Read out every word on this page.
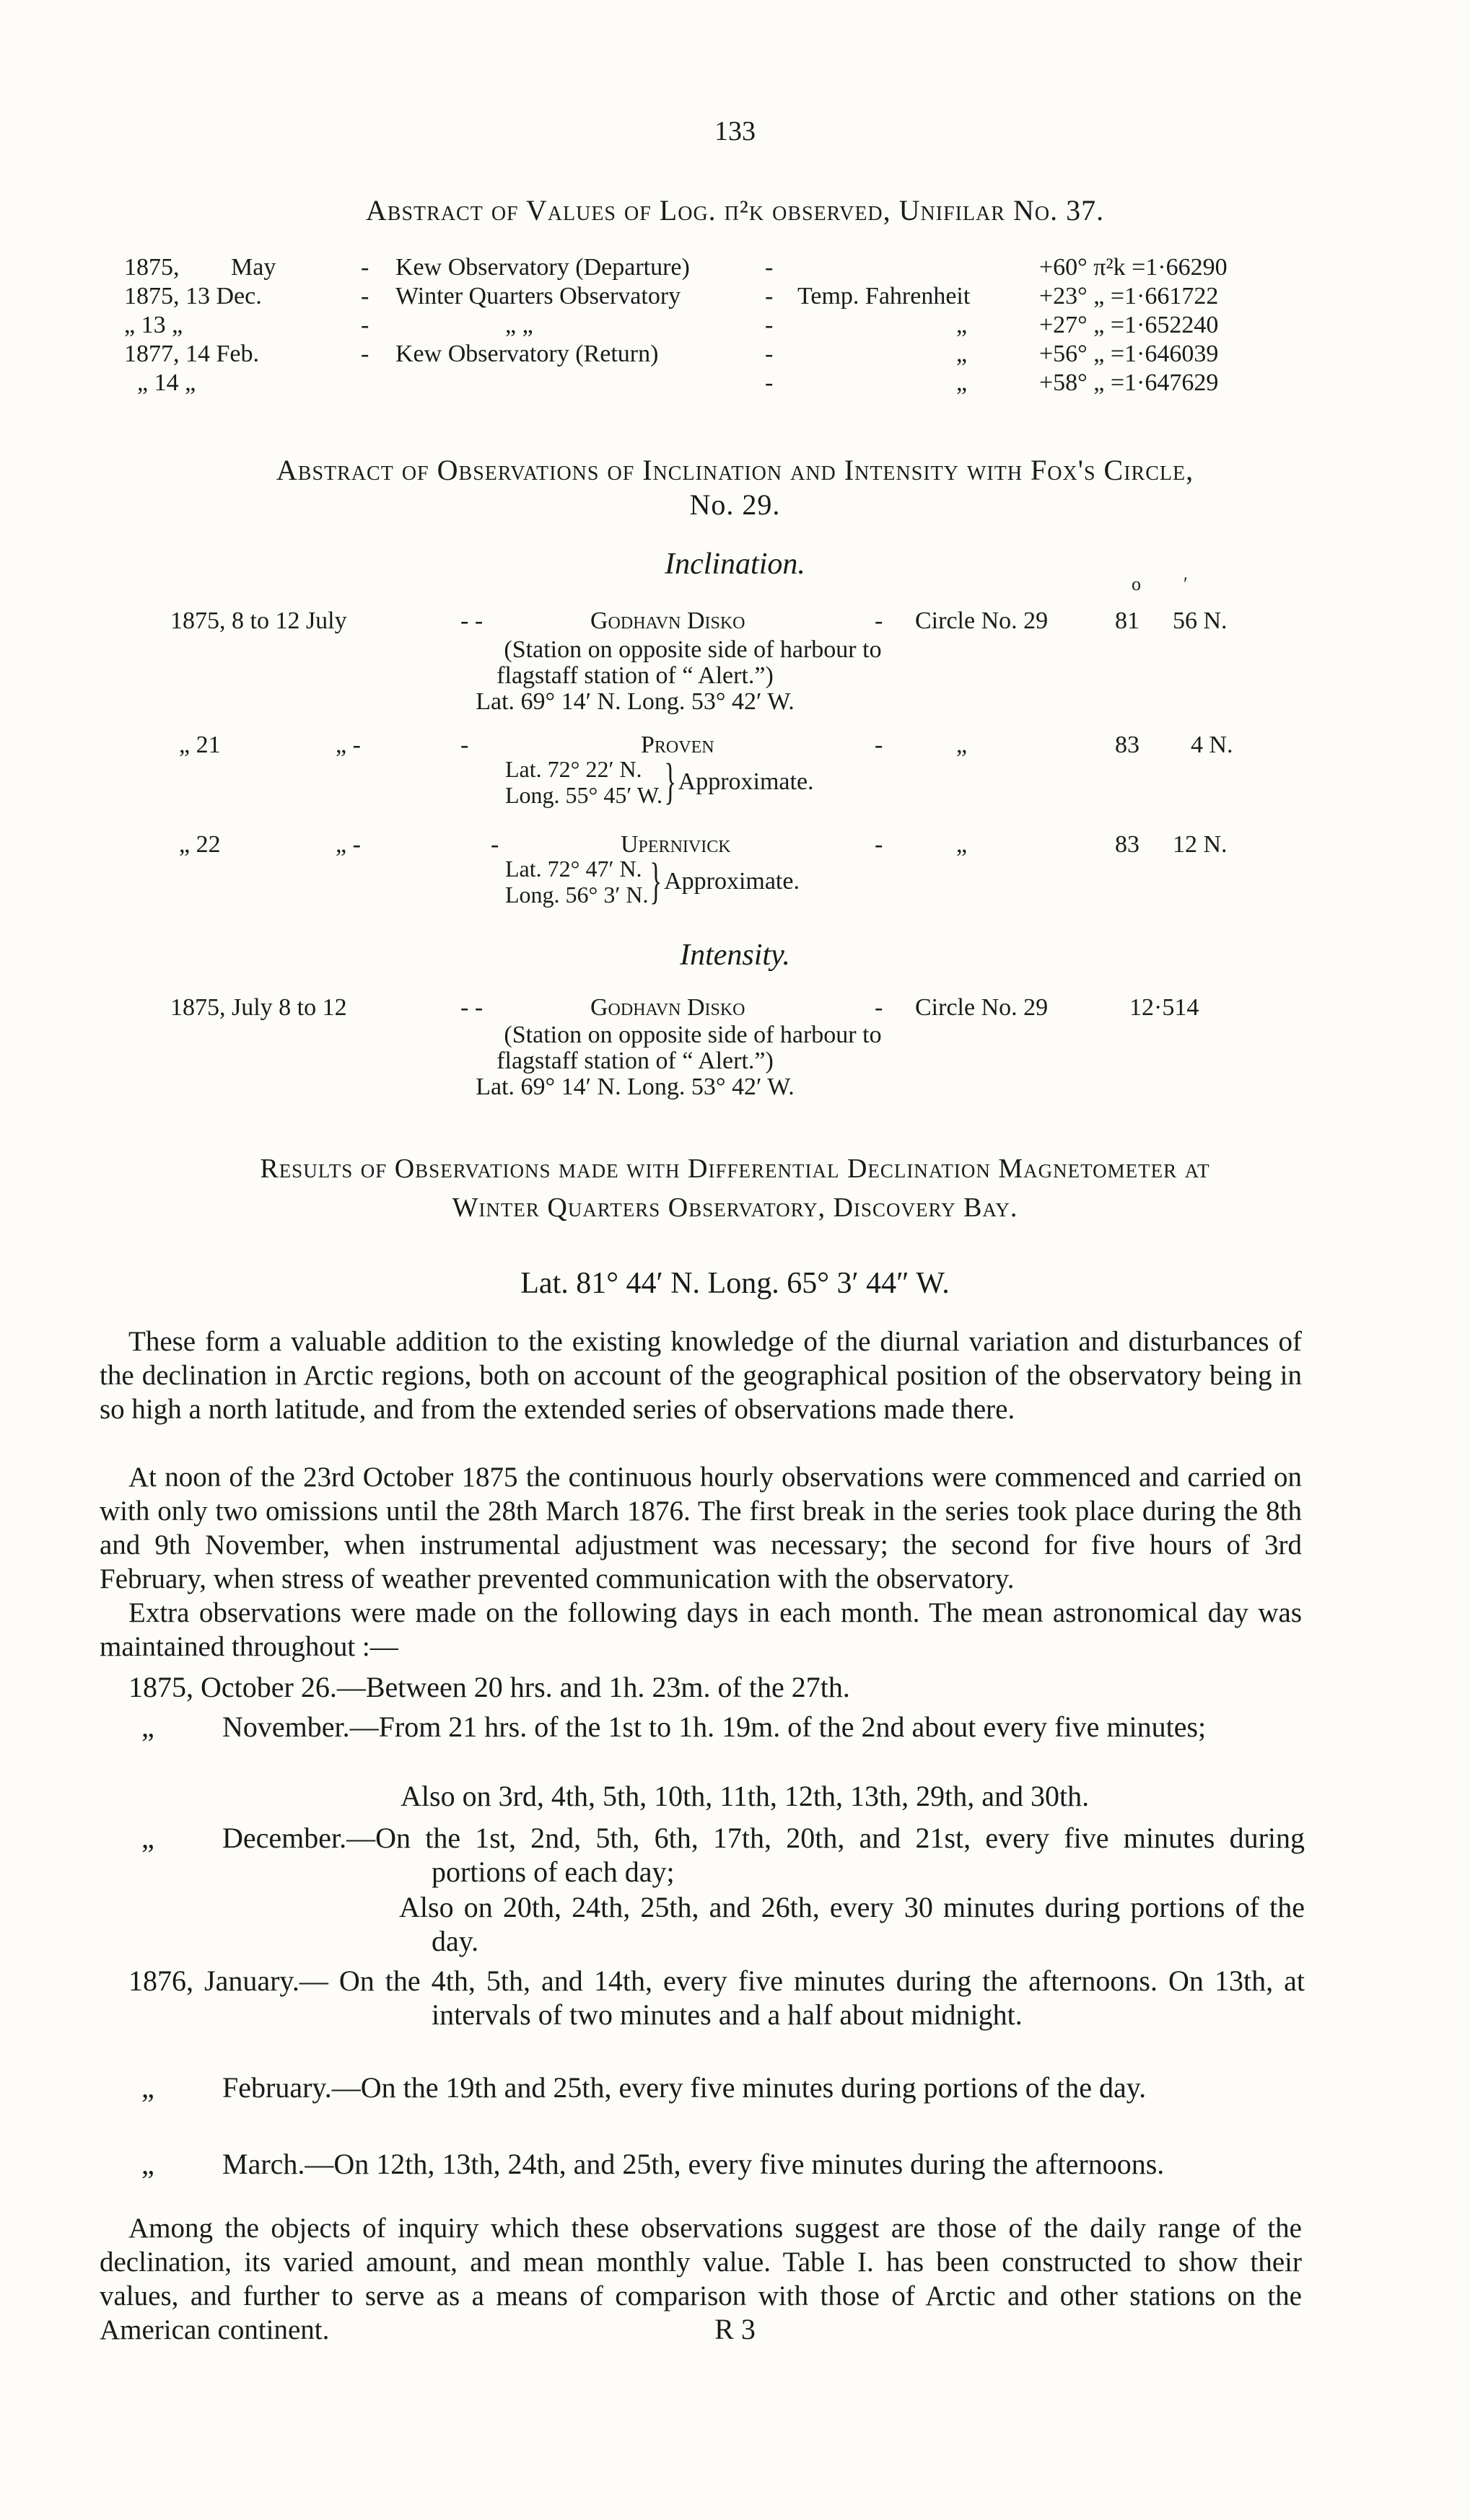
133
Abstract of Values of Log. π²k observed, Unifilar No. 37.
1875, May	- Kew Observatory (Departure)	-	+60° π²k =1·66290
1875, 13 Dec.	- Winter Quarters Observatory	- Temp. Fahrenheit	+23° „ =1·661722
„ 13 „	-	„ „	-	„	+27° „ =1·652240
1877, 14 Feb.	- Kew Observatory (Return)	-	„	+56° „ =1·646039
„ 14 „	-	„	+58° „ =1·647629
Abstract of Observations of Inclination and Intensity with Fox's Circle,
No. 29.
Inclination.
o ′
1875, 8 to 12 July	- -	Godhavn Disko	- Circle No. 29	81 56 N.
(Station on opposite side of harbour to
flagstaff station of “ Alert.”)
Lat. 69° 14′ N. Long. 53° 42′ W.
„ 21	„ -	-	Proven	-	„	83 4 N.
Lat. 72° 22′ N.
Long. 55° 45′ W. }Approximate.
„ 22	„ -	-	Upernivick	-	„	83 12 N.
Lat. 72° 47′ N.
Long. 56° 3′ N. }Approximate.
Intensity.
1875, July 8 to 12	- -	Godhavn Disko	- Circle No. 29	12·514
(Station on opposite side of harbour to
flagstaff station of “ Alert.”)
Lat. 69° 14′ N. Long. 53° 42′ W.
Results of Observations made with Differential Declination Magnetometer at
Winter Quarters Observatory, Discovery Bay.
Lat. 81° 44′ N. Long. 65° 3′ 44″ W.
These form a valuable addition to the existing knowledge of the diurnal variation and disturbances of the declination in Arctic regions, both on account of the geographical position of the observatory being in so high a north latitude, and from the extended series of observations made there.
At noon of the 23rd October 1875 the continuous hourly observations were commenced and carried on with only two omissions until the 28th March 1876. The first break in the series took place during the 8th and 9th November, when instrumental adjustment was necessary; the second for five hours of 3rd February, when stress of weather prevented communication with the observatory.
Extra observations were made on the following days in each month. The mean astronomical day was maintained throughout :—
1875, October 26.—Between 20 hrs. and 1h. 23m. of the 27th.
„ November.—From 21 hrs. of the 1st to 1h. 19m. of the 2nd about every five minutes;
Also on 3rd, 4th, 5th, 10th, 11th, 12th, 13th, 29th, and 30th.
„ December.—On the 1st, 2nd, 5th, 6th, 17th, 20th, and 21st, every five minutes during portions of each day;
Also on 20th, 24th, 25th, and 26th, every 30 minutes during portions of the day.
1876, January.— On the 4th, 5th, and 14th, every five minutes during the afternoons. On 13th, at intervals of two minutes and a half about midnight.
„ February.—On the 19th and 25th, every five minutes during portions of the day.
„ March.—On 12th, 13th, 24th, and 25th, every five minutes during the afternoons.
Among the objects of inquiry which these observations suggest are those of the daily range of the declination, its varied amount, and mean monthly value. Table I. has been constructed to show their values, and further to serve as a means of comparison with those of Arctic and other stations on the American continent.	R 3
